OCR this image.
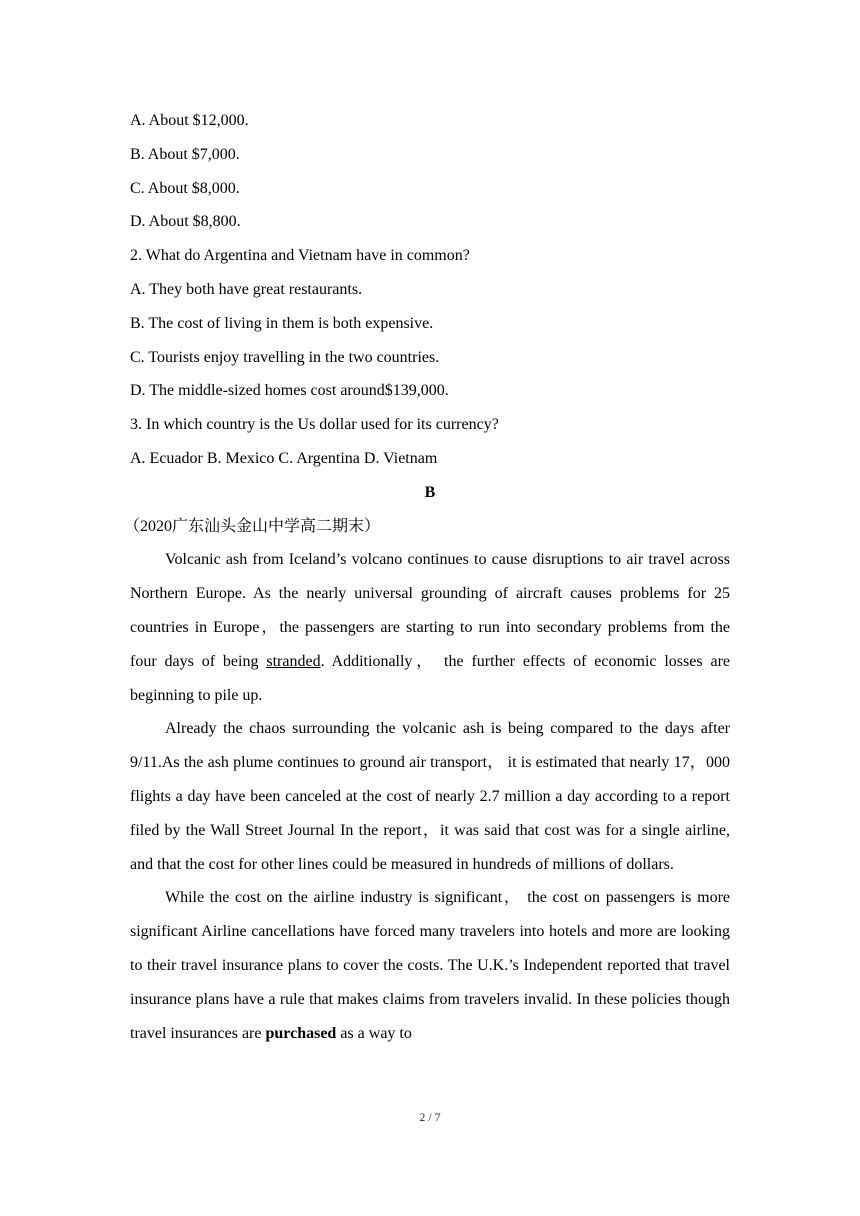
A. About $12,000.

B. About $7,000.

C. About $8,000.

D. About $8,800.

2. What do Argentina and Vietnam have in common?

A. They both have great restaurants.

B. The cost of living in them is both expensive.

C. Tourists enjoy travelling in the two countries.

D. The middle-sized homes cost around$139,000.

3. In which country is the Us dollar used for its currency?

A. Ecuador B. Mexico C. Argentina D. Vietnam

B

（2020广东汕头金山中学高二期末）

Volcanic ash from Iceland’s volcano continues to cause disruptions to air travel across Northern Europe. As the nearly universal grounding of aircraft causes problems for 25 countries in Europe，the passengers are starting to run into secondary problems from the four days of being stranded. Additionally， the further effects of economic losses are beginning to pile up.

Already the chaos surrounding the volcanic ash is being compared to the days after 9/11.As the ash plume continues to ground air transport， it is estimated that nearly 17，000 flights a day have been canceled at the cost of nearly 2.7 million a day according to a report filed by the Wall Street Journal In the report，it was said that cost was for a single airline, and that the cost for other lines could be measured in hundreds of millions of dollars.

While the cost on the airline industry is significant， the cost on passengers is more significant Airline cancellations have forced many travelers into hotels and more are looking to their travel insurance plans to cover the costs. The U.K.’s Independent reported that travel insurance plans have a rule that makes claims from travelers invalid. In these policies though travel insurances are purchased as a way to

2 / 7
